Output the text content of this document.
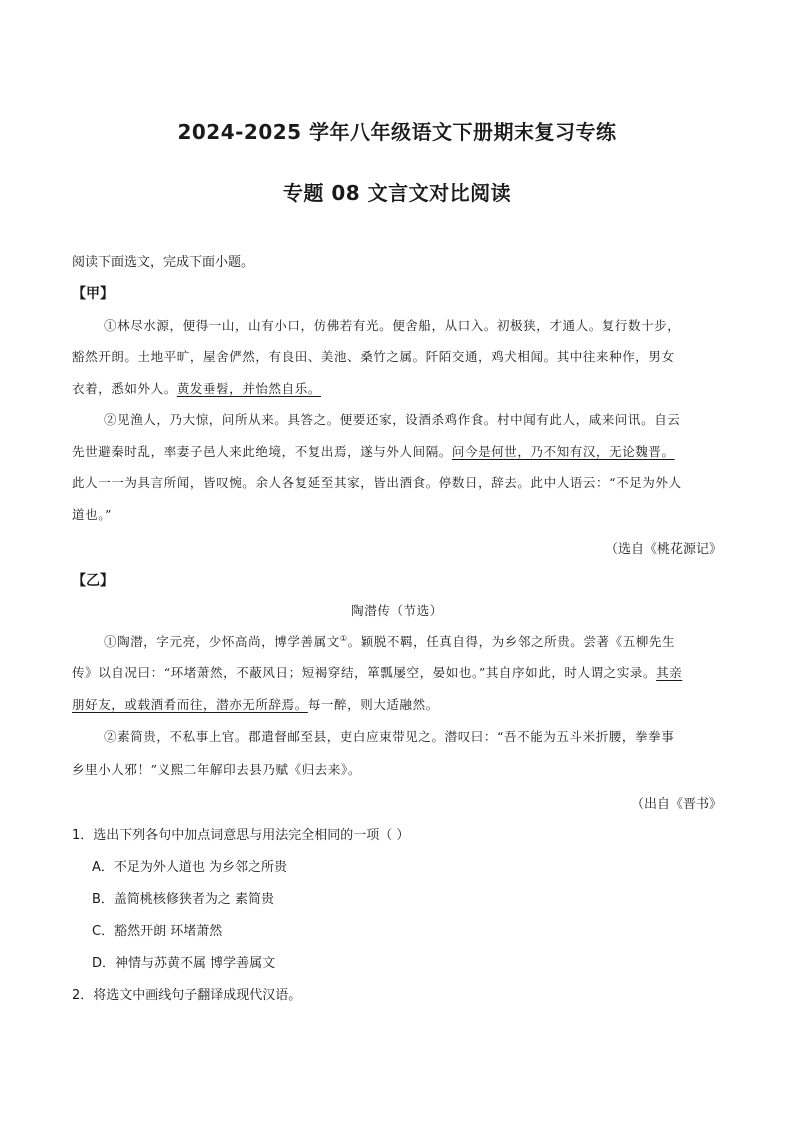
2024-2025 学年八年级语文下册期末复习专练
专题 08 文言文对比阅读
阅读下面选文，完成下面小题。
【甲】
①林尽水源，便得一山，山有小口，仿佛若有光。便舍船，从口入。初极狭，才通人。复行数十步，
豁然开朗。土地平旷，屋舍俨然，有良田、美池、桑竹之属。阡陌交通，鸡犬相闻。其中往来种作，男女
衣着，悉如外人。黄发垂髫，并怡然自乐。
②见渔人，乃大惊，问所从来。具答之。便要还家，设酒杀鸡作食。村中闻有此人，咸来问讯。自云
先世避秦时乱，率妻子邑人来此绝境，不复出焉，遂与外人间隔。问今是何世，乃不知有汉，无论魏晋。
此人一一为具言所闻，皆叹惋。余人各复延至其家，皆出酒食。停数日，辞去。此中人语云：“不足为外人
道也。”
（选自《桃花源记》
【乙】
陶潜传（节选）
①陶潜，字元亮，少怀高尚，博学善属文①。颖脱不羁，任真自得，为乡邻之所贵。尝著《五柳先生
传》以自况曰：“环堵萧然，不蔽风日；短褐穿结，箪瓢屡空，晏如也。”其自序如此，时人谓之实录。其亲
朋好友，或载酒肴而往，潜亦无所辞焉。每一醉，则大适融然。
②素简贵，不私事上官。郡遣督邮至县，吏白应束带见之。潜叹曰：“吾不能为五斗米折腰，拳拳事
乡里小人邪！”义熙二年解印去县乃赋《归去来》。
（出自《晋书》
1．选出下列各句中加点词意思与用法完全相同的一项（ ）
A．不足为外人道也 为乡邻之所贵
B．盖简桃核修狭者为之 素简贵
C．豁然开朗 环堵萧然
D．神情与苏黄不属 博学善属文
2．将选文中画线句子翻译成现代汉语。
